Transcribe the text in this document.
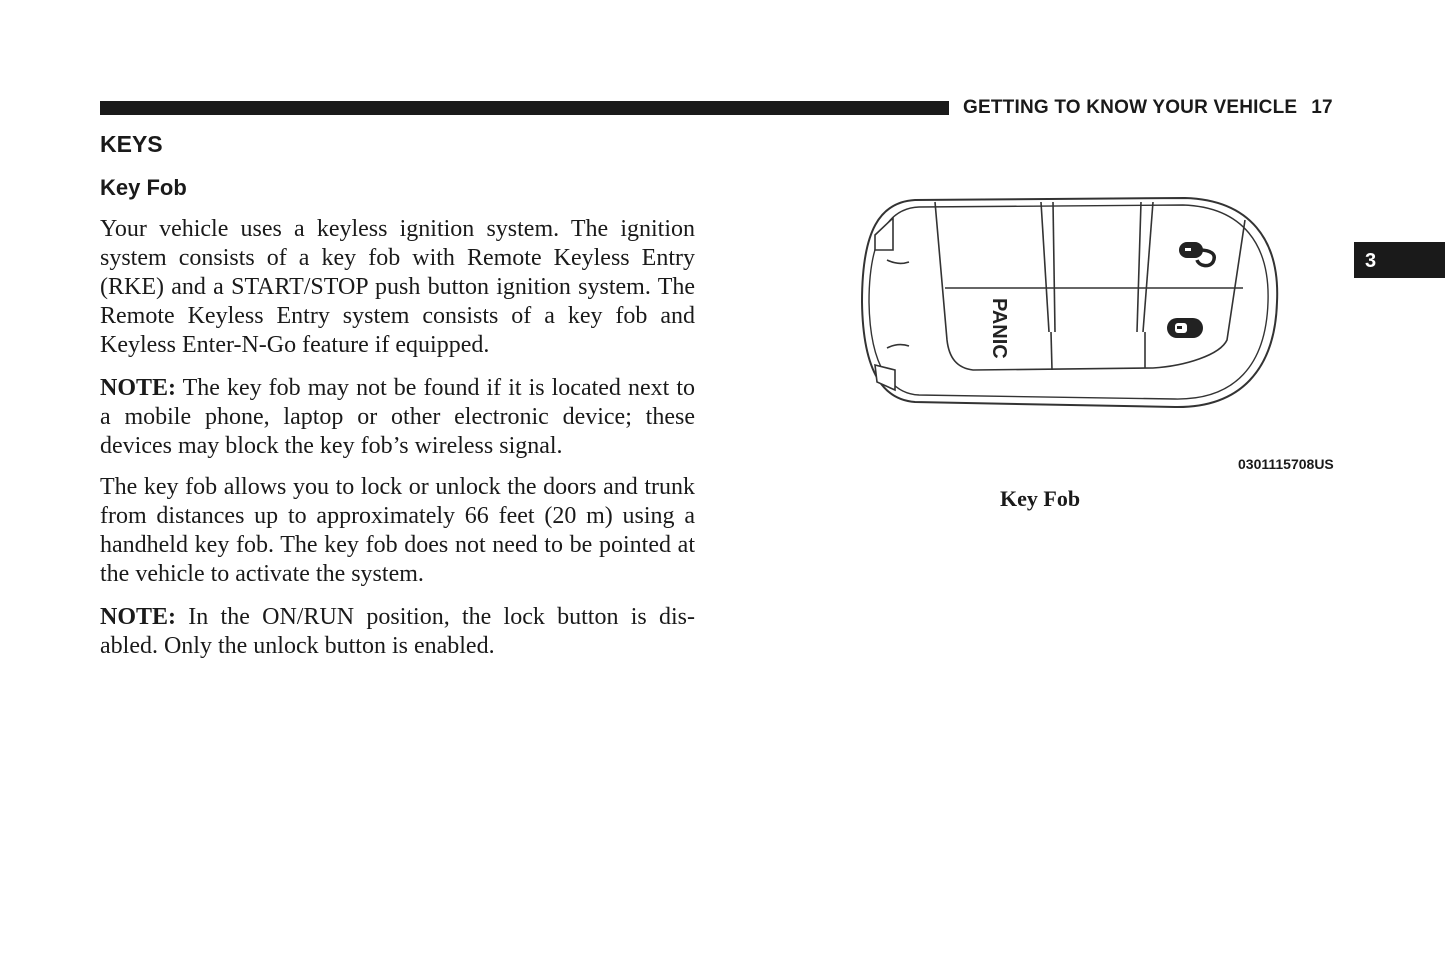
GETTING TO KNOW YOUR VEHICLE 17
3
KEYS
Key Fob

Your vehicle uses a keyless ignition system. The ignition system consists of a key fob with Remote Keyless Entry (RKE) and a START/STOP push button ignition system. The Remote Keyless Entry system consists of a key fob and Keyless Enter-N-Go feature if equipped.

NOTE: The key fob may not be found if it is located next to a mobile phone, laptop or other electronic device; these devices may block the key fob’s wireless signal.

The key fob allows you to lock or unlock the doors and trunk from distances up to approximately 66 feet (20 m) using a handheld key fob. The key fob does not need to be pointed at the vehicle to activate the system.

NOTE: In the ON/RUN position, the lock button is dis-abled. Only the unlock button is enabled.

PANIC
0301115708US
Key Fob
